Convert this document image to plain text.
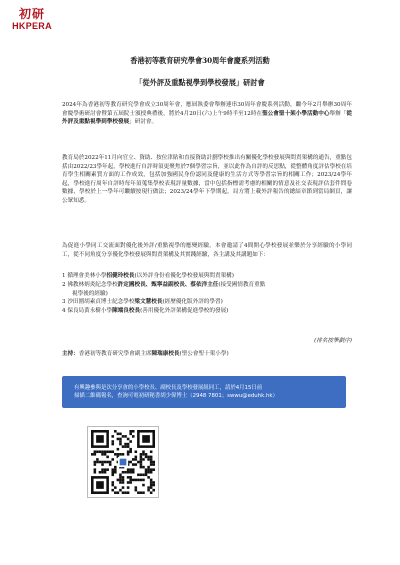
初研
HKPERA
香港初等教育研究學會30周年會慶系列活動
「從外評及重點視學到學校發展」研討會
2024年為香港初等教育研究學會成立30周年會，應屆執委會舉辦連串30周年會慶系列活動，繼今年2月舉辦30周年會慶學術研討會暨第五屆院士頒授典禮後，將於4月20日(六)上午9時半至12時在聖公會聖十架小學活動中心舉辦「從外評及重點視學到學校發展」研討會。
教育局於2022年11月向官立、資助、按位津貼和直接資助計劃學校推出有關優化學校發展與問責架構的通告，重點包括由2022/23學年起，學校進行自評時須更聚焦於7個學習宗旨，並以此作為自評的反思點，從整體角度評估學校在培育學生相關素質方面的工作成效，包括加強國民身份認同及健康的生活方式等學習宗旨的相關工作；2023/24學年起，學校進行周年自評時每年須蒐集學校表現評量數據，當中包括指標需考慮的相關的情意及社交表現評估套件問卷數據，學校於上一學年可繼續按現行做法；2023/24學年下學期起，局方將上載外評報告的總結章節到當局網頁，讓公眾知悉。
為促進小學同工交流面對優化後外評/重點視學的應變經驗，本會邀請了4間開心學校發展並樂於分享經驗的小學同工，從不同角度分享優化學校發展與問責架構及其實踐經驗，各主講及其講題如下：
1 循理會美林小學招健玲校長(以外評身份看優化學校發展與問責架構)
2 佛教林炳炎紀念學校許定國校長、甄寧益副校長、蔡依洋主任(接受國情教育重點
視學後的經驗)
3 沙田圍胡素貞博士紀念學校梁文慧校長(經歷優化版外評的學習)
4 保良局黃永樹小學陳端良校長(善用優化外評架構促進學校的發展)
(排名按筆劃序)
主持：香港初等教育研究學會副主席陳瑞康校長(聖公會聖十架小學)
有興趣參與是次分享會的小學校長、副校長及學校發展組同工，請於4月15日前
掃描二維碼報名，查詢可電初研秘書胡少偉博士（2948 7801；swwu@eduhk.hk）
